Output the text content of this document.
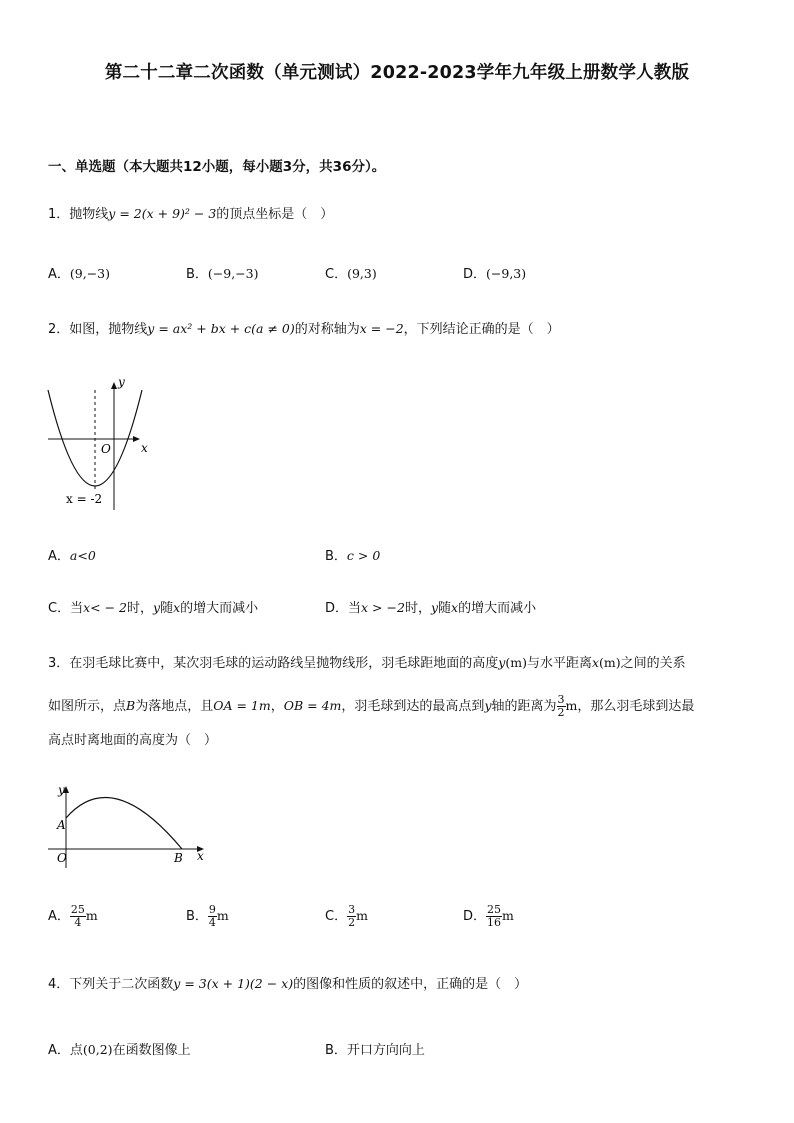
第二十二章二次函数（单元测试）2022-2023学年九年级上册数学人教版
一、单选题（本大题共12小题，每小题3分，共36分）。
1．抛物线y = 2(x + 9)² − 3的顶点坐标是（　）
A．(9,−3)	B．(−9,−3)	C．(9,3)	D．(−9,3)
2．如图，抛物线y = ax² + bx + c(a ≠ 0)的对称轴为x = −2，下列结论正确的是（　）
y
x
O
x = -2
A．a<0	B．c > 0
C．当x< − 2时，y随x的增大而减小	D．当x > −2时，y随x的增大而减小
3．在羽毛球比赛中，某次羽毛球的运动路线呈抛物线形，羽毛球距地面的高度y(m)与水平距离x(m)之间的关系
如图所示，点B为落地点，且OA = 1m，OB = 4m，羽毛球到达的最高点到y轴的距离为 $\frac{3}{2}$ m，那么羽毛球到达最
高点时离地面的高度为（　）
y
x
A
O	B
A． $\frac{25}{4}$ m	B． $\frac{9}{4}$ m	C． $\frac{3}{2}$ m	D． $\frac{25}{16}$ m
4．下列关于二次函数y = 3(x + 1)(2 − x)的图像和性质的叙述中，正确的是（　）
A．点(0,2)在函数图像上	B．开口方向向上
